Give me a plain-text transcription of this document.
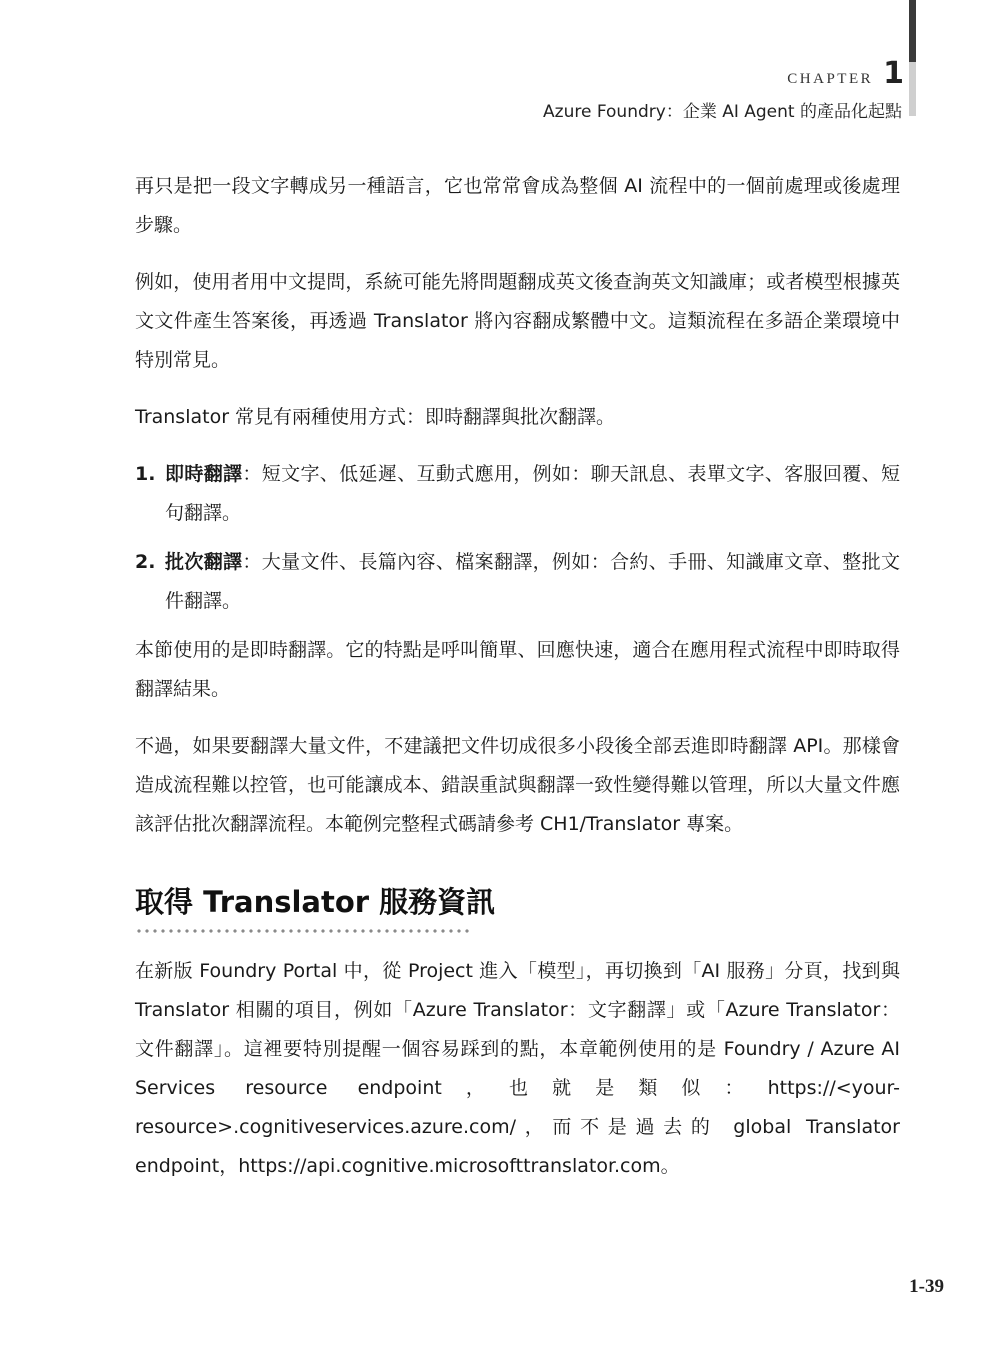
CHAPTER 1
Azure Foundry：企業 AI Agent 的產品化起點

再只是把一段文字轉成另一種語言，它也常常會成為整個 AI 流程中的一個前處理或後處理步驟。

例如，使用者用中文提問，系統可能先將問題翻成英文後查詢英文知識庫；或者模型根據英文文件產生答案後，再透過 Translator 將內容翻成繁體中文。這類流程在多語企業環境中特別常見。

Translator 常見有兩種使用方式：即時翻譯與批次翻譯。

1. 即時翻譯：短文字、低延遲、互動式應用，例如：聊天訊息、表單文字、客服回覆、短句翻譯。
2. 批次翻譯：大量文件、長篇內容、檔案翻譯，例如：合約、手冊、知識庫文章、整批文件翻譯。

本節使用的是即時翻譯。它的特點是呼叫簡單、回應快速，適合在應用程式流程中即時取得翻譯結果。

不過，如果要翻譯大量文件，不建議把文件切成很多小段後全部丟進即時翻譯 API。那樣會造成流程難以控管，也可能讓成本、錯誤重試與翻譯一致性變得難以管理，所以大量文件應該評估批次翻譯流程。本範例完整程式碼請參考 CH1/Translator 專案。

取得 Translator 服務資訊

在新版 Foundry Portal 中，從 Project 進入「模型」，再切換到「AI 服務」分頁，找到與 Translator 相關的項目，例如「Azure Translator：文字翻譯」或「Azure Translator：文件翻譯」。這裡要特別提醒一個容易踩到的點，本章範例使用的是 Foundry / Azure AI Services resource endpoint，也就是類似：https://<your-resource>.cognitiveservices.azure.com/，而不是過去的 global Translator endpoint，https://api.cognitive.microsofttranslator.com。

1-39
